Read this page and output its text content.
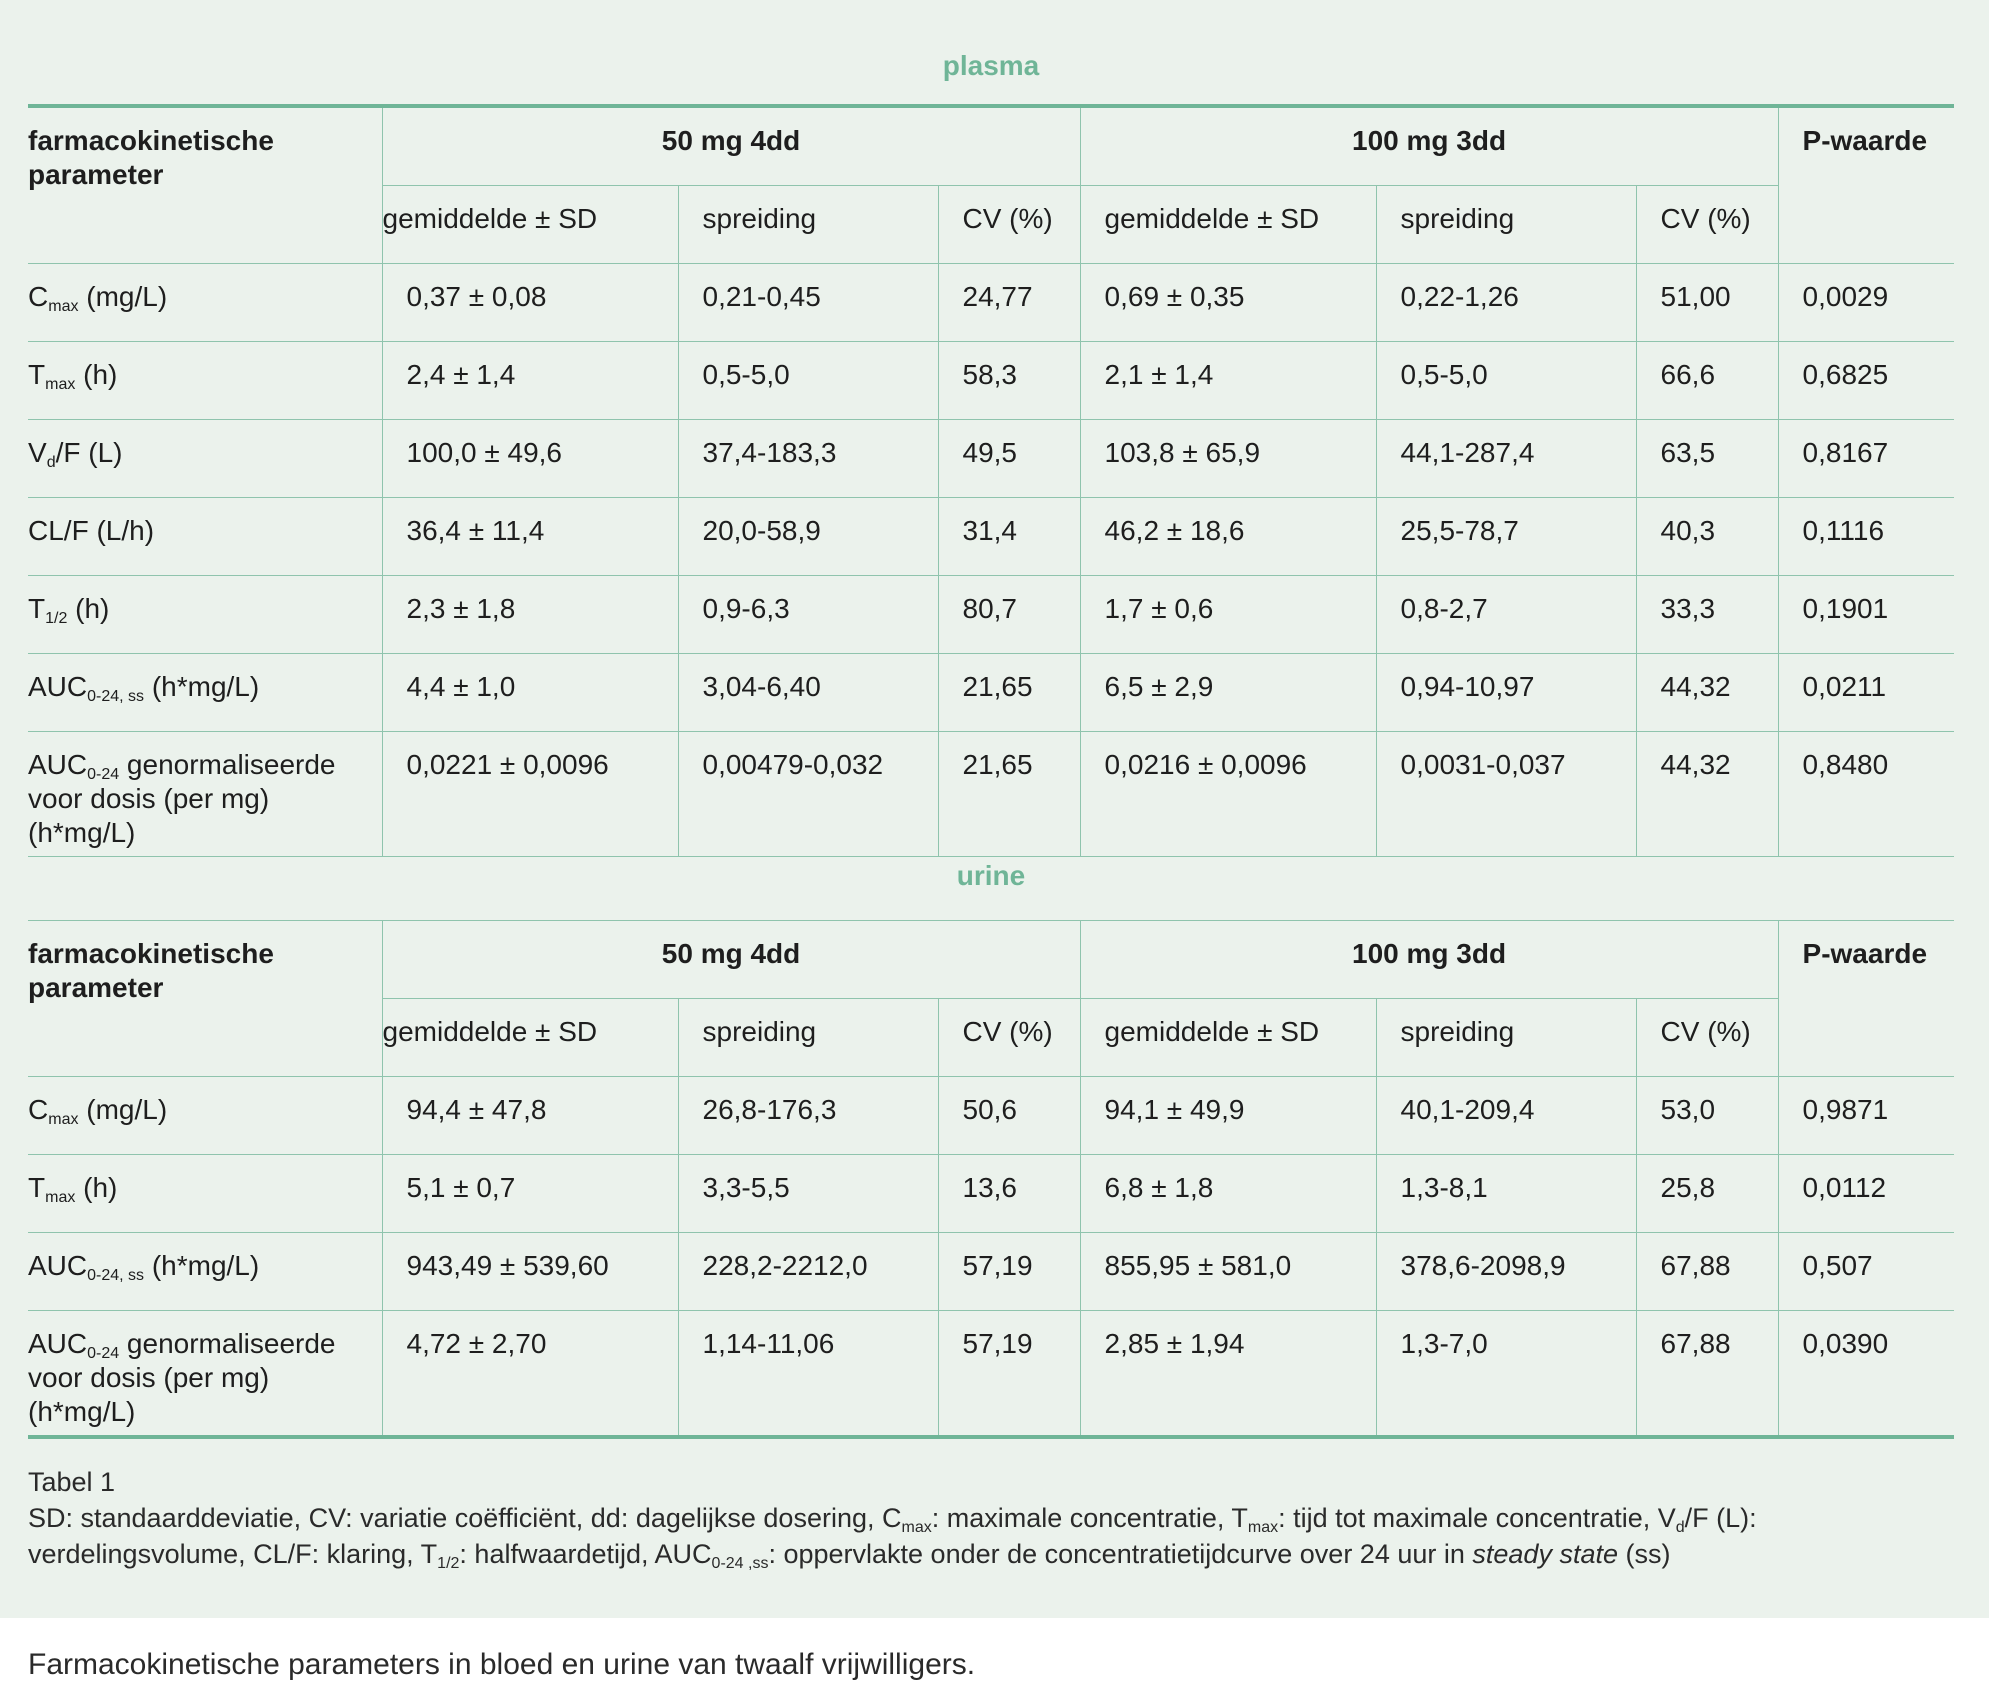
plasma
farmacokinetische parameter	50 mg 4dd			100 mg 3dd			P-waarde
	gemiddelde ± SD	spreiding	CV (%)	gemiddelde ± SD	spreiding	CV (%)	
$C_{max}$ (mg/L)	0,37 ± 0,08	0,21-0,45	24,77	0,69 ± 0,35	0,22-1,26	51,00	0,0029
$T_{max}$ (h)	2,4 ± 1,4	0,5-5,0	58,3	2,1 ± 1,4	0,5-5,0	66,6	0,6825
$V_d/F$ (L)	100,0 ± 49,6	37,4-183,3	49,5	103,8 ± 65,9	44,1-287,4	63,5	0,8167
CL/F (L/h)	36,4 ± 11,4	20,0-58,9	31,4	46,2 ± 18,6	25,5-78,7	40,3	0,1116
$T_{1/2}$ (h)	2,3 ± 1,8	0,9-6,3	80,7	1,7 ± 0,6	0,8-2,7	33,3	0,1901
$AUC_{0-24, ss}$ (h*mg/L)	4,4 ± 1,0	3,04-6,40	21,65	6,5 ± 2,9	0,94-10,97	44,32	0,0211
$AUC_{0-24}$ genormaliseerde voor dosis (per mg) (h*mg/L)	0,0221 ± 0,0096	0,00479-0,032	21,65	0,0216 ± 0,0096	0,0031-0,037	44,32	0,8480
urine
farmacokinetische parameter	50 mg 4dd			100 mg 3dd			P-waarde
	gemiddelde ± SD	spreiding	CV (%)	gemiddelde ± SD	spreiding	CV (%)	
$C_{max}$ (mg/L)	94,4 ± 47,8	26,8-176,3	50,6	94,1 ± 49,9	40,1-209,4	53,0	0,9871
$T_{max}$ (h)	5,1 ± 0,7	3,3-5,5	13,6	6,8 ± 1,8	1,3-8,1	25,8	0,0112
$AUC_{0-24, ss}$ (h*mg/L)	943,49 ± 539,60	228,2-2212,0	57,19	855,95 ± 581,0	378,6-2098,9	67,88	0,507
$AUC_{0-24}$ genormaliseerde voor dosis (per mg) (h*mg/L)	4,72 ± 2,70	1,14-11,06	57,19	2,85 ± 1,94	1,3-7,0	67,88	0,0390
Tabel 1
SD: standaarddeviatie, CV: variatie coëfficiënt, dd: dagelijkse dosering, $C_{max}$: maximale concentratie, $T_{max}$: tijd tot maximale concentratie, $V_d/F$ (L): verdelingsvolume, CL/F: klaring, $T_{1/2}$: halfwaardetijd, $AUC_{0-24 ,ss}$: oppervlakte onder de concentratietijdcurve over 24 uur in steady state (ss)
Farmacokinetische parameters in bloed en urine van twaalf vrijwilligers.
